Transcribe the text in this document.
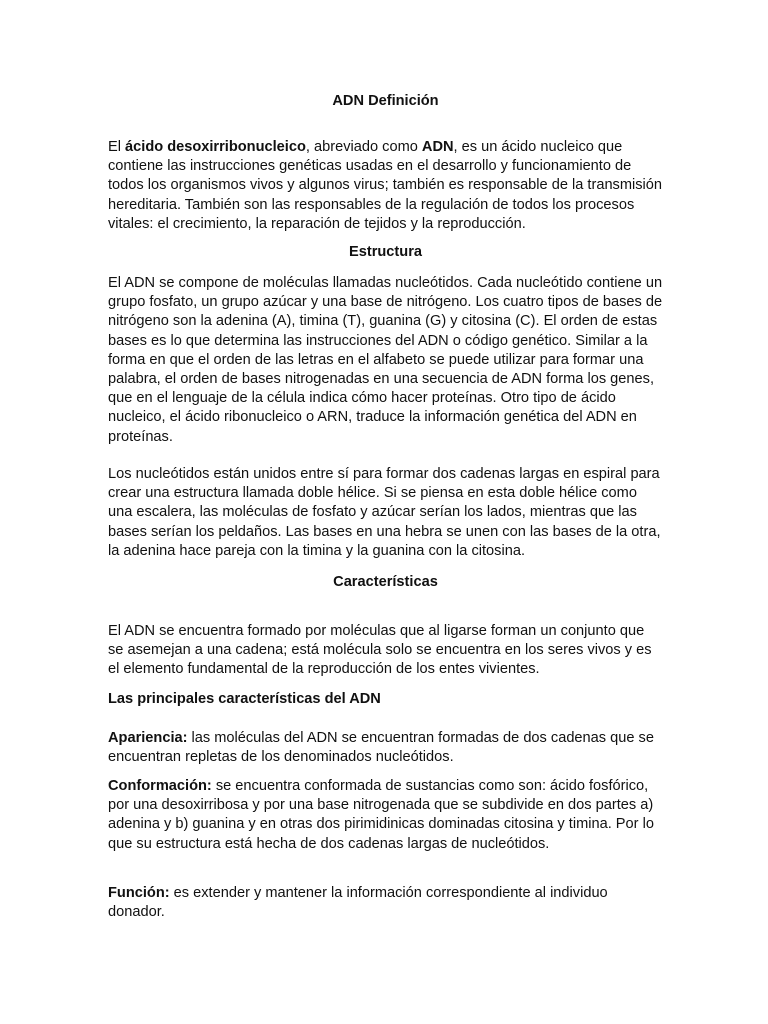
ADN Definición

El ácido desoxirribonucleico, abreviado como ADN, es un ácido nucleico que contiene las instrucciones genéticas usadas en el desarrollo y funcionamiento de todos los organismos vivos y algunos virus; también es responsable de la transmisión hereditaria. También son las responsables de la regulación de todos los procesos vitales: el crecimiento, la reparación de tejidos y la reproducción.

Estructura

El ADN se compone de moléculas llamadas nucleótidos. Cada nucleótido contiene un grupo fosfato, un grupo azúcar y una base de nitrógeno. Los cuatro tipos de bases de nitrógeno son la adenina (A), timina (T), guanina (G) y citosina (C). El orden de estas bases es lo que determina las instrucciones del ADN o código genético. Similar a la forma en que el orden de las letras en el alfabeto se puede utilizar para formar una palabra, el orden de bases nitrogenadas en una secuencia de ADN forma los genes, que en el lenguaje de la célula indica cómo hacer proteínas. Otro tipo de ácido nucleico, el ácido ribonucleico o ARN, traduce la información genética del ADN en proteínas.

Los nucleótidos están unidos entre sí para formar dos cadenas largas en espiral para crear una estructura llamada doble hélice. Si se piensa en esta doble hélice como una escalera, las moléculas de fosfato y azúcar serían los lados, mientras que las bases serían los peldaños. Las bases en una hebra se unen con las bases de la otra, la adenina hace pareja con la timina y la guanina con la citosina.

Características

El ADN se encuentra formado por moléculas que al ligarse forman un conjunto que se asemejan a una cadena; está molécula solo se encuentra en los seres vivos y es el elemento fundamental de la reproducción de los entes vivientes.

Las principales características del ADN

Apariencia: las moléculas del ADN se encuentran formadas de dos cadenas que se encuentran repletas de los denominados nucleótidos.

Conformación: se encuentra conformada de sustancias como son: ácido fosfórico, por una desoxirribosa y por una base nitrogenada que se subdivide en dos partes a) adenina y b) guanina y en otras dos pirimidinicas dominadas citosina y timina. Por lo que su estructura está hecha de dos cadenas largas de nucleótidos.

Función: es extender y mantener la información correspondiente al individuo donador.
